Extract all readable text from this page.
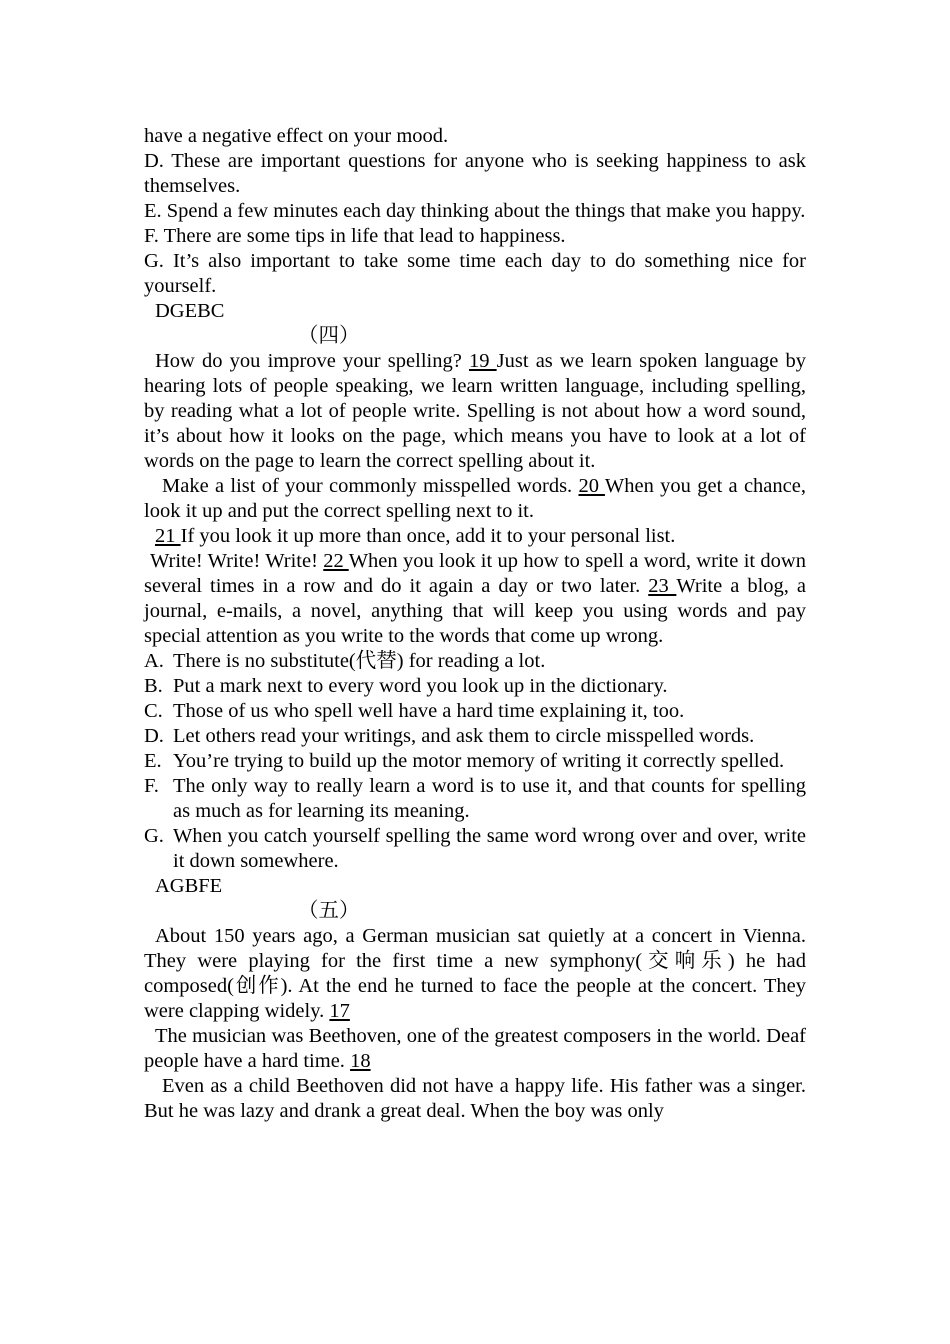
have a negative effect on your mood.

D. These are important questions for anyone who is seeking happiness to ask themselves.

E. Spend a few minutes each day thinking about the things that make you happy.

F. There are some tips in life that lead to happiness.

G. It’s also important to take some time each day to do something nice for yourself.

DGEBC

（四）

How do you improve your spelling? 19 Just as we learn spoken language by hearing lots of people speaking, we learn written language, including spelling, by reading what a lot of people write. Spelling is not about how a word sound, it’s about how it looks on the page, which means you have to look at a lot of words on the page to learn the correct spelling about it.

Make a list of your commonly misspelled words. 20 When you get a chance, look it up and put the correct spelling next to it.

21 If you look it up more than once, add it to your personal list.

Write! Write! Write! 22 When you look it up how to spell a word, write it down several times in a row and do it again a day or two later. 23 Write a blog, a journal, e-mails, a novel, anything that will keep you using words and pay special attention as you write to the words that come up wrong.

A. There is no substitute(代替) for reading a lot.
B. Put a mark next to every word you look up in the dictionary.
C. Those of us who spell well have a hard time explaining it, too.
D. Let others read your writings, and ask them to circle misspelled words.
E. You’re trying to build up the motor memory of writing it correctly spelled.
F. The only way to really learn a word is to use it, and that counts for spelling as much as for learning its meaning.
G. When you catch yourself spelling the same word wrong over and over, write it down somewhere.

AGBFE

（五）

About 150 years ago, a German musician sat quietly at a concert in Vienna. They were playing for the first time a new symphony(交响乐) he had composed(创作). At the end he turned to face the people at the concert. They were clapping widely. 17

The musician was Beethoven, one of the greatest composers in the world. Deaf people have a hard time. 18

Even as a child Beethoven did not have a happy life. His father was a singer. But he was lazy and drank a great deal. When the boy was only
